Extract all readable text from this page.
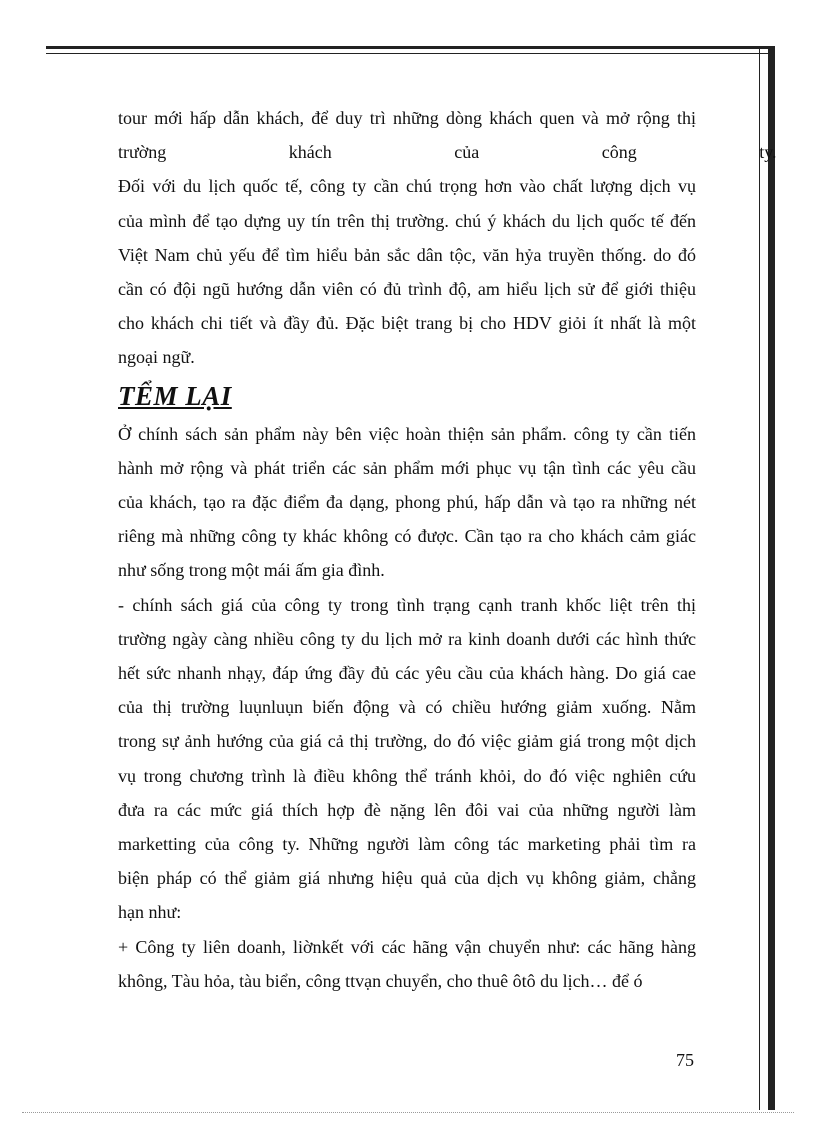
tour mới hấp dẫn khách, để duy trì những dòng khách quen và mở rộng thị

trường khách của công ty.

Đối với du lịch quốc tế, công ty cần chú trọng hơn vào chất lượng dịch vụ

của mình để tạo dựng uy tín trên thị trường. chú ý khách du lịch quốc tế đến

Việt Nam chủ yếu để tìm hiểu bản sắc dân tộc, văn hỷa truyền thống. do đó

cần có đội ngũ hướng dẫn viên có đủ trình độ, am hiểu lịch sử để giới thiệu

cho khách chi tiết và đầy đủ. Đặc biệt trang bị cho HDV giỏi ít nhất là một

ngoại ngữ.

TỂM LẠI

Ở chính sách sản phẩm này bên việc hoàn thiện sản phẩm. công ty cần tiến

hành mở rộng và phát triển các sản phẩm mới phục vụ tận tình các yêu cầu

của khách, tạo ra đặc điểm đa dạng, phong phú, hấp dẫn và tạo ra những nét

riêng mà những công ty khác không có được. Cần tạo ra cho khách cảm giác

như sống trong một mái ấm gia đình.

- chính sách giá của công ty trong tình trạng cạnh tranh khốc liệt trên thị

trường ngày càng nhiều công ty du lịch mở ra kinh doanh dưới các hình thức

hết sức nhanh nhạy, đáp ứng đầy đủ các yêu cầu của khách hàng. Do giá cae

của thị trường luụnluụn biến động và có chiều hướng giảm xuống. Nằm

trong sự ảnh hướng của giá cả thị trường, do đó việc giảm giá trong một dịch

vụ trong chương trình là điều không thể tránh khỏi, do đó việc nghiên cứu

đưa ra các mức giá thích hợp đè nặng lên đôi vai của những người làm

marketting của công ty. Những người làm công tác marketing phải tìm ra

biện pháp có thể giảm giá nhưng hiệu quả của dịch vụ không giảm, chẳng

hạn như:

+ Công ty liên doanh, liờnkết với các hãng vận chuyển như: các hãng hàng

không, Tàu hỏa, tàu biển, công ttvạn chuyển, cho thuê ôtô du lịch… để ó

75
